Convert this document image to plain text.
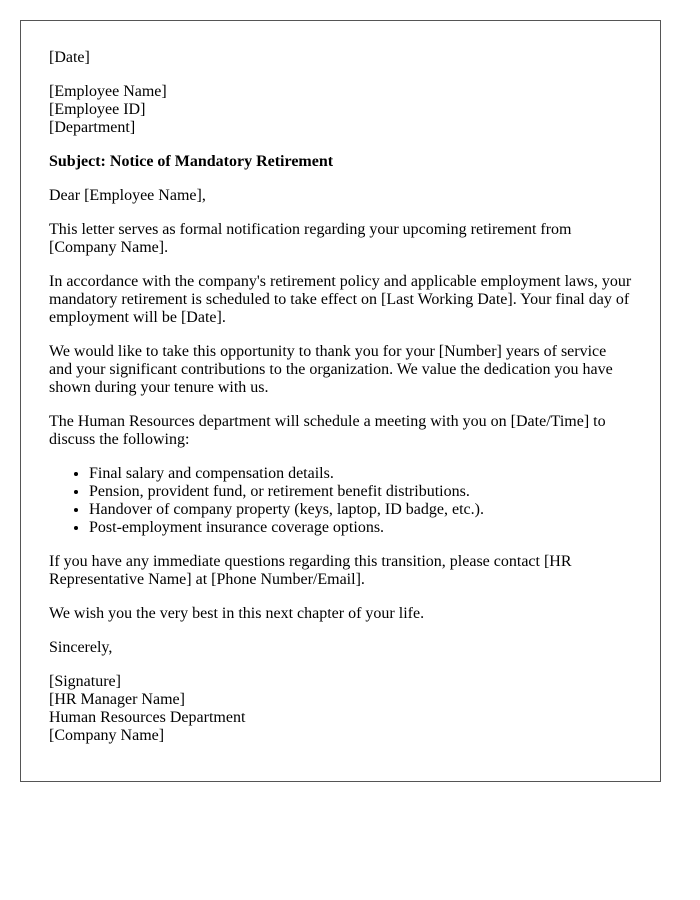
[Date]

[Employee Name]
[Employee ID]
[Department]

Subject: Notice of Mandatory Retirement

Dear [Employee Name],

This letter serves as formal notification regarding your upcoming retirement from [Company Name].

In accordance with the company's retirement policy and applicable employment laws, your mandatory retirement is scheduled to take effect on [Last Working Date]. Your final day of employment will be [Date].

We would like to take this opportunity to thank you for your [Number] years of service and your significant contributions to the organization. We value the dedication you have shown during your tenure with us.

The Human Resources department will schedule a meeting with you on [Date/Time] to discuss the following:

• Final salary and compensation details.
• Pension, provident fund, or retirement benefit distributions.
• Handover of company property (keys, laptop, ID badge, etc.).
• Post-employment insurance coverage options.

If you have any immediate questions regarding this transition, please contact [HR Representative Name] at [Phone Number/Email].

We wish you the very best in this next chapter of your life.

Sincerely,

[Signature]
[HR Manager Name]
Human Resources Department
[Company Name]
